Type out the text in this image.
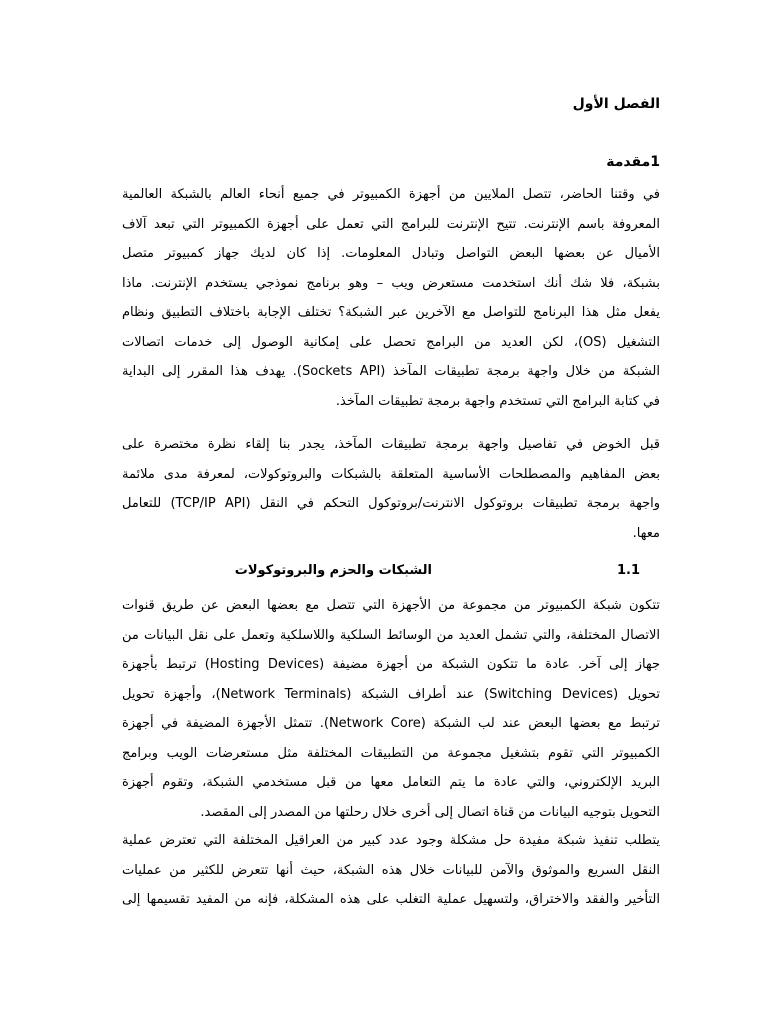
الفصل الأول
1مقدمة
في وقتنا الحاضر، تتصل الملايين من أجهزة الكمبيوتر في جميع أنحاء العالم بالشبكة العالمية
المعروفة باسم الإنترنت. تتيح الإنترنت للبرامج التي تعمل على أجهزة الكمبيوتر التي تبعد آلاف
الأميال عن بعضها البعض التواصل وتبادل المعلومات. إذا كان لديك جهاز كمبيوتر متصل
بشبكة، فلا شك أنك استخدمت مستعرض ويب – وهو برنامج نموذجي يستخدم الإنترنت. ماذا
يفعل مثل هذا البرنامج للتواصل مع الآخرين عبر الشبكة؟ تختلف الإجابة باختلاف التطبيق ونظام
التشغيل (OS)، لكن العديد من البرامج تحصل على إمكانية الوصول إلى خدمات اتصالات
الشبكة من خلال واجهة برمجة تطبيقات المآخذ (Sockets API). يهدف هذا المقرر إلى البداية
في كتابة البرامج التي تستخدم واجهة برمجة تطبيقات المآخذ.
قبل الخوض في تفاصيل واجهة برمجة تطبيقات المآخذ، يجدر بنا إلقاء نظرة مختصرة على
بعض المفاهيم والمصطلحات الأساسية المتعلقة بالشبكات والبروتوكولات، لمعرفة مدى ملائمة
واجهة برمجة تطبيقات بروتوكول الانترنت/بروتوكول التحكم في النقل (TCP/IP API) للتعامل
معها.
الشبكات والحزم والبروتوكولات	1.1
تتكون شبكة الكمبيوتر من مجموعة من الأجهزة التي تتصل مع بعضها البعض عن طريق قنوات
الاتصال المختلفة، والتي تشمل العديد من الوسائط السلكية واللاسلكية وتعمل على نقل البيانات من
جهاز إلى آخر. عادة ما تتكون الشبكة من أجهزة مضيفة (Hosting Devices) ترتبط بأجهزة
تحويل (Switching Devices) عند أطراف الشبكة (Network Terminals)، وأجهزة تحويل
ترتبط مع بعضها البعض عند لب الشبكة (Network Core). تتمثل الأجهزة المضيفة في أجهزة
الكمبيوتر التي تقوم بتشغيل مجموعة من التطبيقات المختلفة مثل مستعرضات الويب وبرامج
البريد الإلكتروني، والتي عادة ما يتم التعامل معها من قبل مستخدمي الشبكة، وتقوم أجهزة
التحويل بتوجيه البيانات من قناة اتصال إلى أخرى خلال رحلتها من المصدر إلى المقصد.
يتطلب تنفيذ شبكة مفيدة حل مشكلة وجود عدد كبير من العراقيل المختلفة التي تعترض عملية
النقل السريع والموثوق والآمن للبيانات خلال هذه الشبكة، حيث أنها تتعرض للكثير من عمليات
التأخير والفقد والاختراق، ولتسهيل عملية التغلب على هذه المشكلة، فإنه من المفيد تقسيمها إلى
